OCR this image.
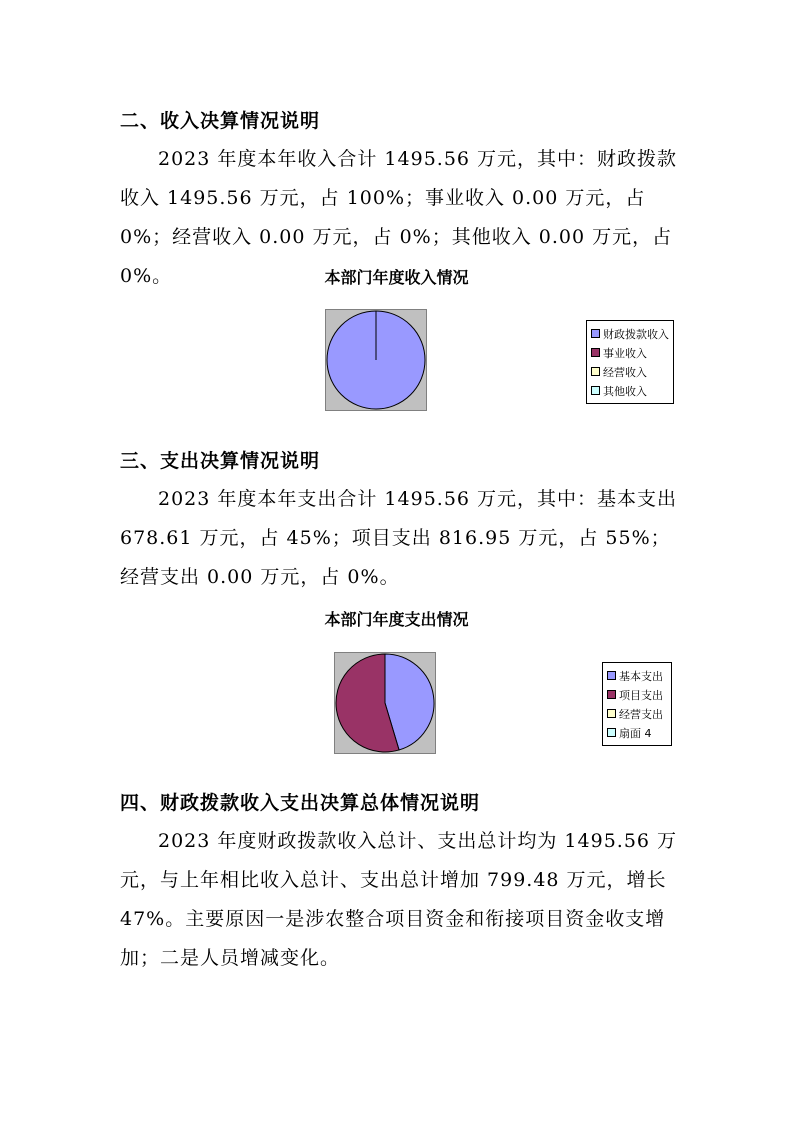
二、收入决算情况说明

2023 年度本年收入合计 1495.56 万元，其中：财政拨款收入 1495.56 万元，占 100%；事业收入 0.00 万元，占 0%；经营收入 0.00 万元，占 0%；其他收入 0.00 万元，占 0%。	本部门年度收入情况
财政拨款收入
事业收入
经营收入
其他收入
三、支出决算情况说明

2023 年度本年支出合计 1495.56 万元，其中：基本支出 678.61 万元，占 45%；项目支出 816.95 万元，占 55%；经营支出 0.00 万元，占 0%。

本部门年度支出情况
基本支出
项目支出
经营支出
扇面 4
四、财政拨款收入支出决算总体情况说明

2023 年度财政拨款收入总计、支出总计均为 1495.56 万元，与上年相比收入总计、支出总计增加 799.48 万元，增长 47%。主要原因一是涉农整合项目资金和衔接项目资金收支增加；二是人员增减变化。
